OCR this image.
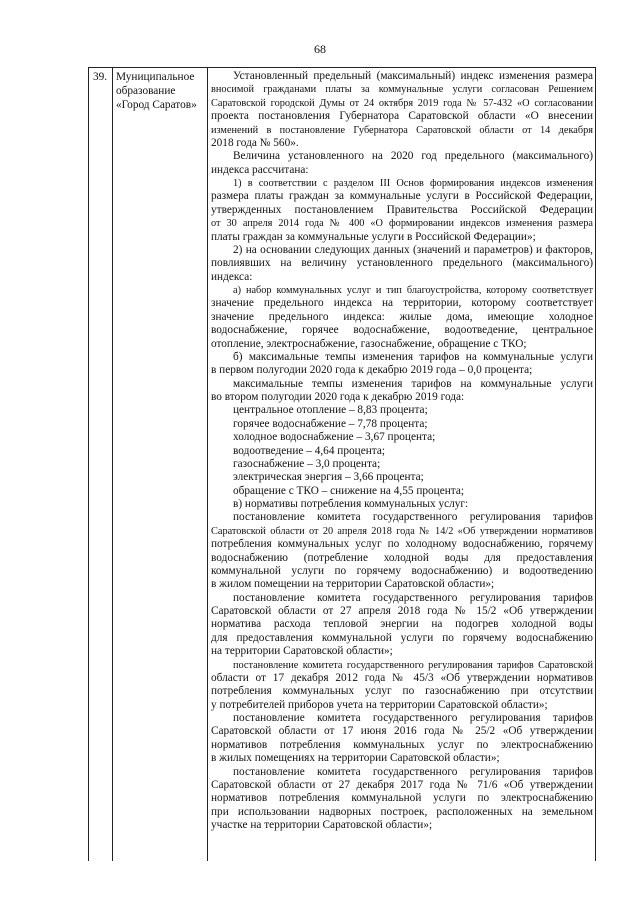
68
39. Муниципальное
образование
«Город Саратов»
Установленный предельный (максимальный) индекс изменения размера
вносимой гражданами платы за коммунальные услуги согласован Решением
Саратовской городской Думы от 24 октября 2019 года № 57-432 «О согласовании
проекта постановления Губернатора Саратовской области «О внесении
изменений в постановление Губернатора Саратовской области от 14 декабря
2018 года № 560».
Величина установленного на 2020 год предельного (максимального)
индекса рассчитана:
1) в соответствии с разделом III Основ формирования индексов изменения
размера платы граждан за коммунальные услуги в Российской Федерации,
утвержденных постановлением Правительства Российской Федерации
от 30 апреля 2014 года № 400 «О формировании индексов изменения размера
платы граждан за коммунальные услуги в Российской Федерации»;
2) на основании следующих данных (значений и параметров) и факторов,
повлиявших на величину установленного предельного (максимального)
индекса:
а) набор коммунальных услуг и тип благоустройства, которому соответствует
значение предельного индекса на территории, которому соответствует
значение предельного индекса: жилые дома, имеющие холодное
водоснабжение, горячее водоснабжение, водоотведение, центральное
отопление, электроснабжение, газоснабжение, обращение с ТКО;
б) максимальные темпы изменения тарифов на коммунальные услуги
в первом полугодии 2020 года к декабрю 2019 года – 0,0 процента;
максимальные темпы изменения тарифов на коммунальные услуги
во втором полугодии 2020 года к декабрю 2019 года:
центральное отопление – 8,83 процента;
горячее водоснабжение – 7,78 процента;
холодное водоснабжение – 3,67 процента;
водоотведение – 4,64 процента;
газоснабжение – 3,0 процента;
электрическая энергия – 3,66 процента;
обращение с ТКО – снижение на 4,55 процента;
в) нормативы потребления коммунальных услуг:
постановление комитета государственного регулирования тарифов
Саратовской области от 20 апреля 2018 года № 14/2 «Об утверждении нормативов
потребления коммунальных услуг по холодному водоснабжению, горячему
водоснабжению (потребление холодной воды для предоставления
коммунальной услуги по горячему водоснабжению) и водоотведению
в жилом помещении на территории Саратовской области»;
постановление комитета государственного регулирования тарифов
Саратовской области от 27 апреля 2018 года № 15/2 «Об утверждении
норматива расхода тепловой энергии на подогрев холодной воды
для предоставления коммунальной услуги по горячему водоснабжению
на территории Саратовской области»;
постановление комитета государственного регулирования тарифов Саратовской
области от 17 декабря 2012 года № 45/3 «Об утверждении нормативов
потребления коммунальных услуг по газоснабжению при отсутствии
у потребителей приборов учета на территории Саратовской области»;
постановление комитета государственного регулирования тарифов
Саратовской области от 17 июня 2016 года № 25/2 «Об утверждении
нормативов потребления коммунальных услуг по электроснабжению
в жилых помещениях на территории Саратовской области»;
постановление комитета государственного регулирования тарифов
Саратовской области от 27 декабря 2017 года № 71/6 «Об утверждении
нормативов потребления коммунальной услуги по электроснабжению
при использовании надворных построек, расположенных на земельном
участке на территории Саратовской области»;
